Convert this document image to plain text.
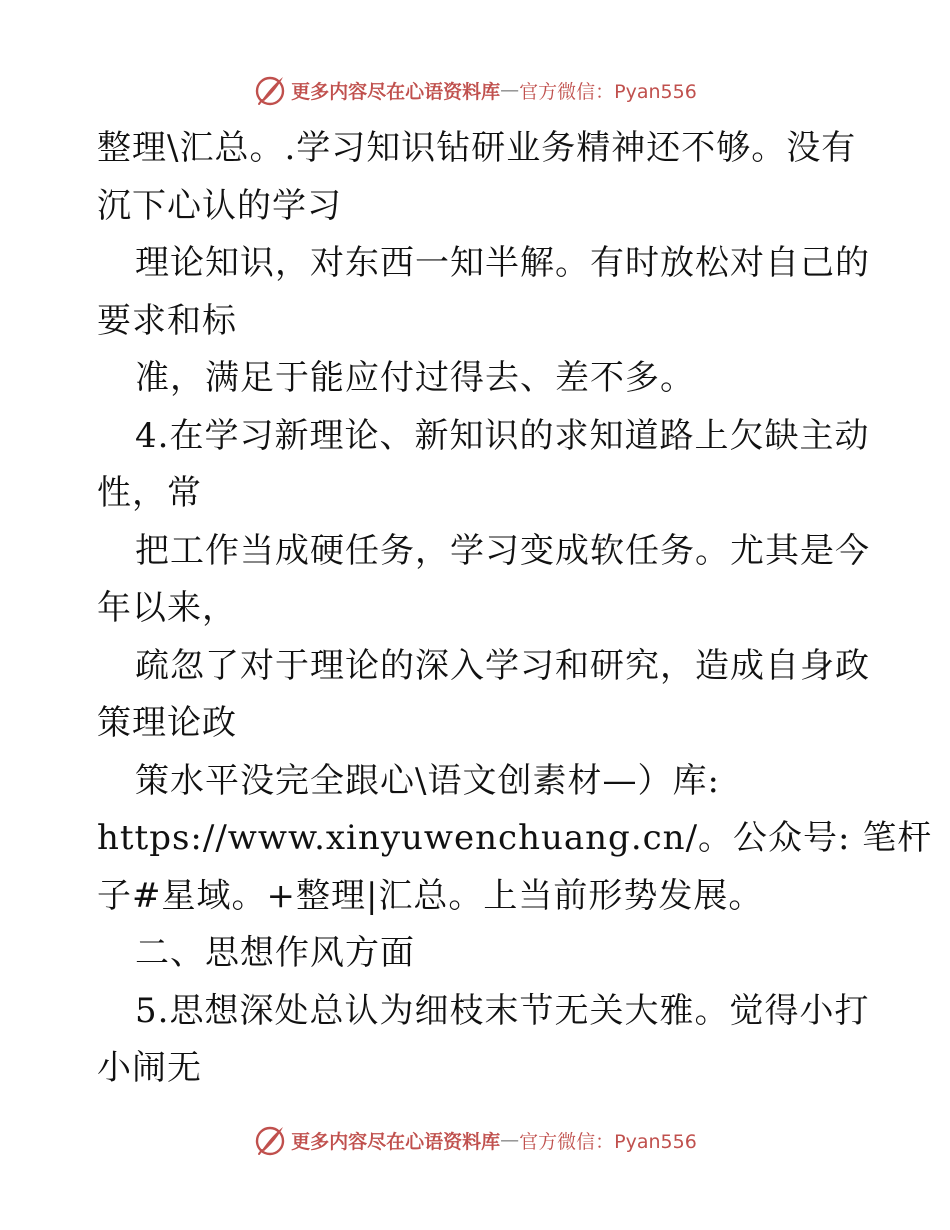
更多内容尽在心语资料库 — 官方微信：Pyan556
整理\汇总。.学习知识钻研业务精神还不够。没有
沉下心认的学习
理论知识，对东西一知半解。有时放松对自己的
要求和标
准，满足于能应付过得去、差不多。
4.在学习新理论、新知识的求知道路上欠缺主动
性，常
把工作当成硬任务，学习变成软任务。尤其是今
年以来，
疏忽了对于理论的深入学习和研究，造成自身政
策理论政
策水平没完全跟心\语文创素材—）库:
https://www.xinyuwenchuang.cn/。公众号: 笔杆
子#星域。+整理|汇总。上当前形势发展。
二、思想作风方面
5.思想深处总认为细枝末节无关大雅。觉得小打
小闹无
更多内容尽在心语资料库 — 官方微信：Pyan556
